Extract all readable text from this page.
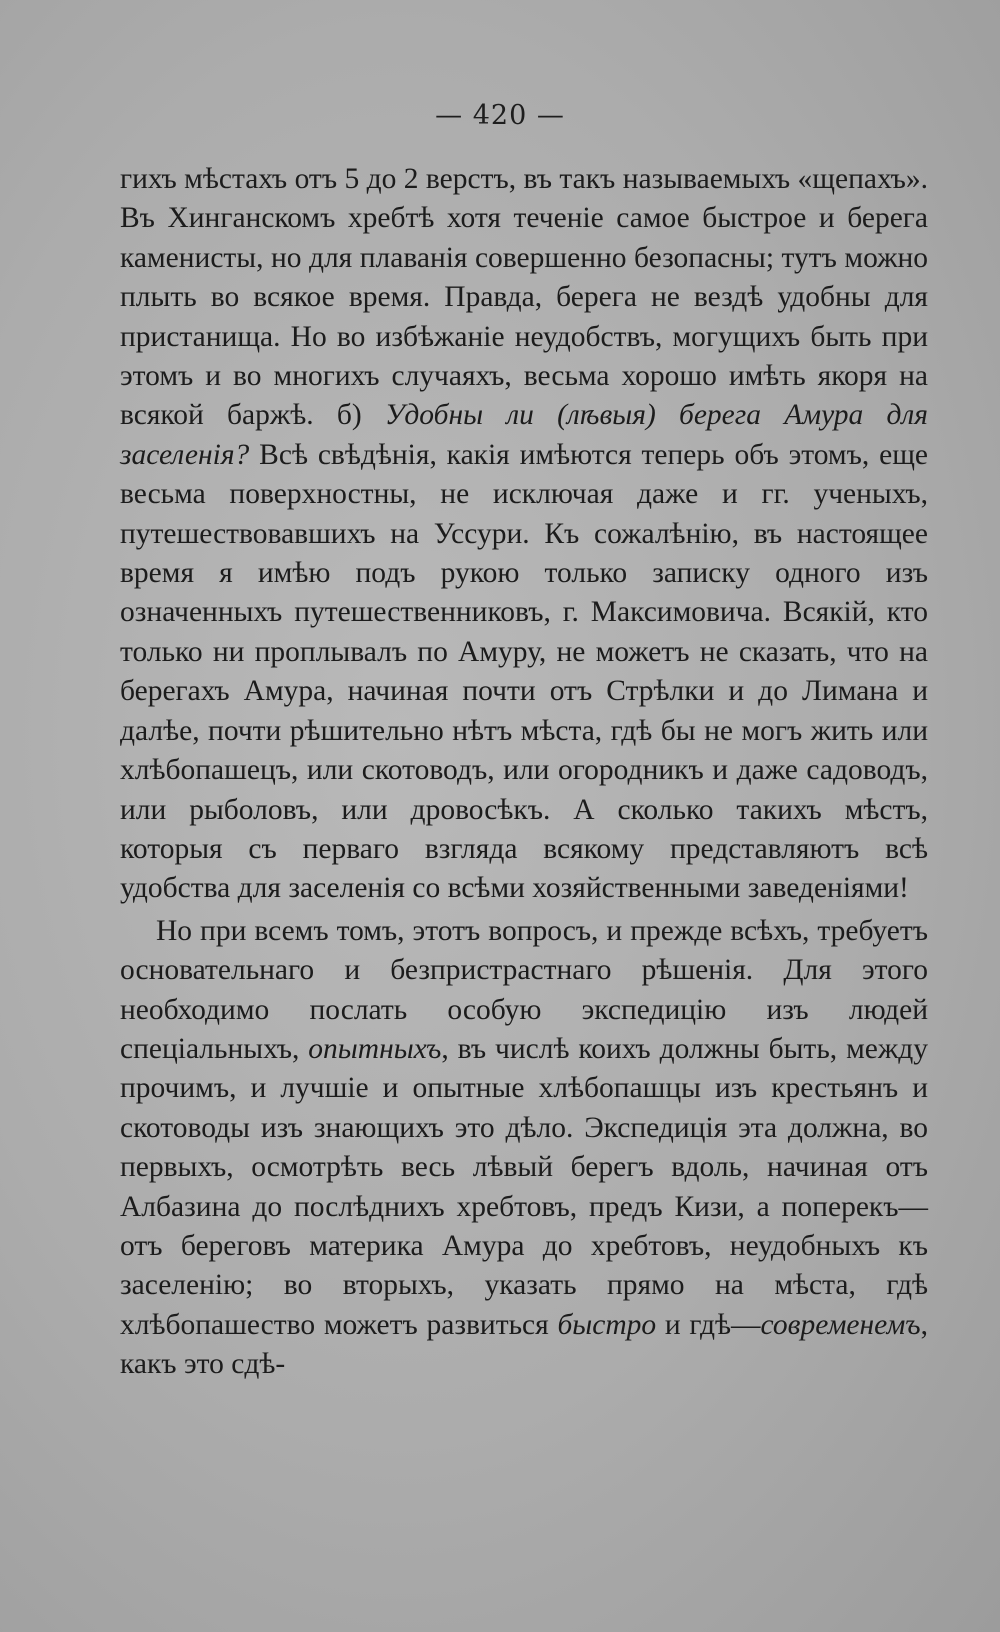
— 420 —

гихъ мѣстахъ отъ 5 до 2 верстъ, въ такъ называемыхъ «щепахъ». Въ Хинганскомъ хребтѣ хотя теченіе самое быстрое и берега каменисты, но для плаванія совершенно безопасны; тутъ можно плыть во всякое время. Правда, берега не вездѣ удобны для пристанища. Но во избѣжаніе неудобствъ, могущихъ быть при этомъ и во многихъ случаяхъ, весьма хорошо имѣть якоря на всякой баржѣ. б) Удобны ли (лѣвыя) берега Амура для заселенія? Всѣ свѣдѣнія, какія имѣются теперь объ этомъ, еще весьма поверхностны, не исключая даже и гг. ученыхъ, путешествовавшихъ на Уссури. Къ сожалѣнію, въ настоящее время я имѣю подъ рукою только записку одного изъ означенныхъ путешественниковъ, г. Максимовича. Всякій, кто только ни проплывалъ по Амуру, не можетъ не сказать, что на берегахъ Амура, начиная почти отъ Стрѣлки и до Лимана и далѣе, почти рѣшительно нѣтъ мѣста, гдѣ бы не могъ жить или хлѣбопашецъ, или скотоводъ, или огородникъ и даже садоводъ, или рыболовъ, или дровосѣкъ. А сколько такихъ мѣстъ, которыя съ перваго взгляда всякому представляютъ всѣ удобства для заселенія со всѣми хозяйственными заведеніями!

Но при всемъ томъ, этотъ вопросъ, и прежде всѣхъ, требуетъ основательнаго и безпристрастнаго рѣшенія. Для этого необходимо послать особую экспедицію изъ людей спеціальныхъ, опытныхъ, въ числѣ коихъ должны быть, между прочимъ, и лучшіе и опытные хлѣбопашцы изъ крестьянъ и скотоводы изъ знающихъ это дѣло. Экспедиція эта должна, во первыхъ, осмотрѣть весь лѣвый берегъ вдоль, начиная отъ Албазина до послѣднихъ хребтовъ, предъ Кизи, а поперекъ—отъ береговъ материка Амура до хребтовъ, неудобныхъ къ заселенію; во вторыхъ, указать прямо на мѣста, гдѣ хлѣбопашество можетъ развиться быстро и гдѣ—современемъ, какъ это сдѣ-
